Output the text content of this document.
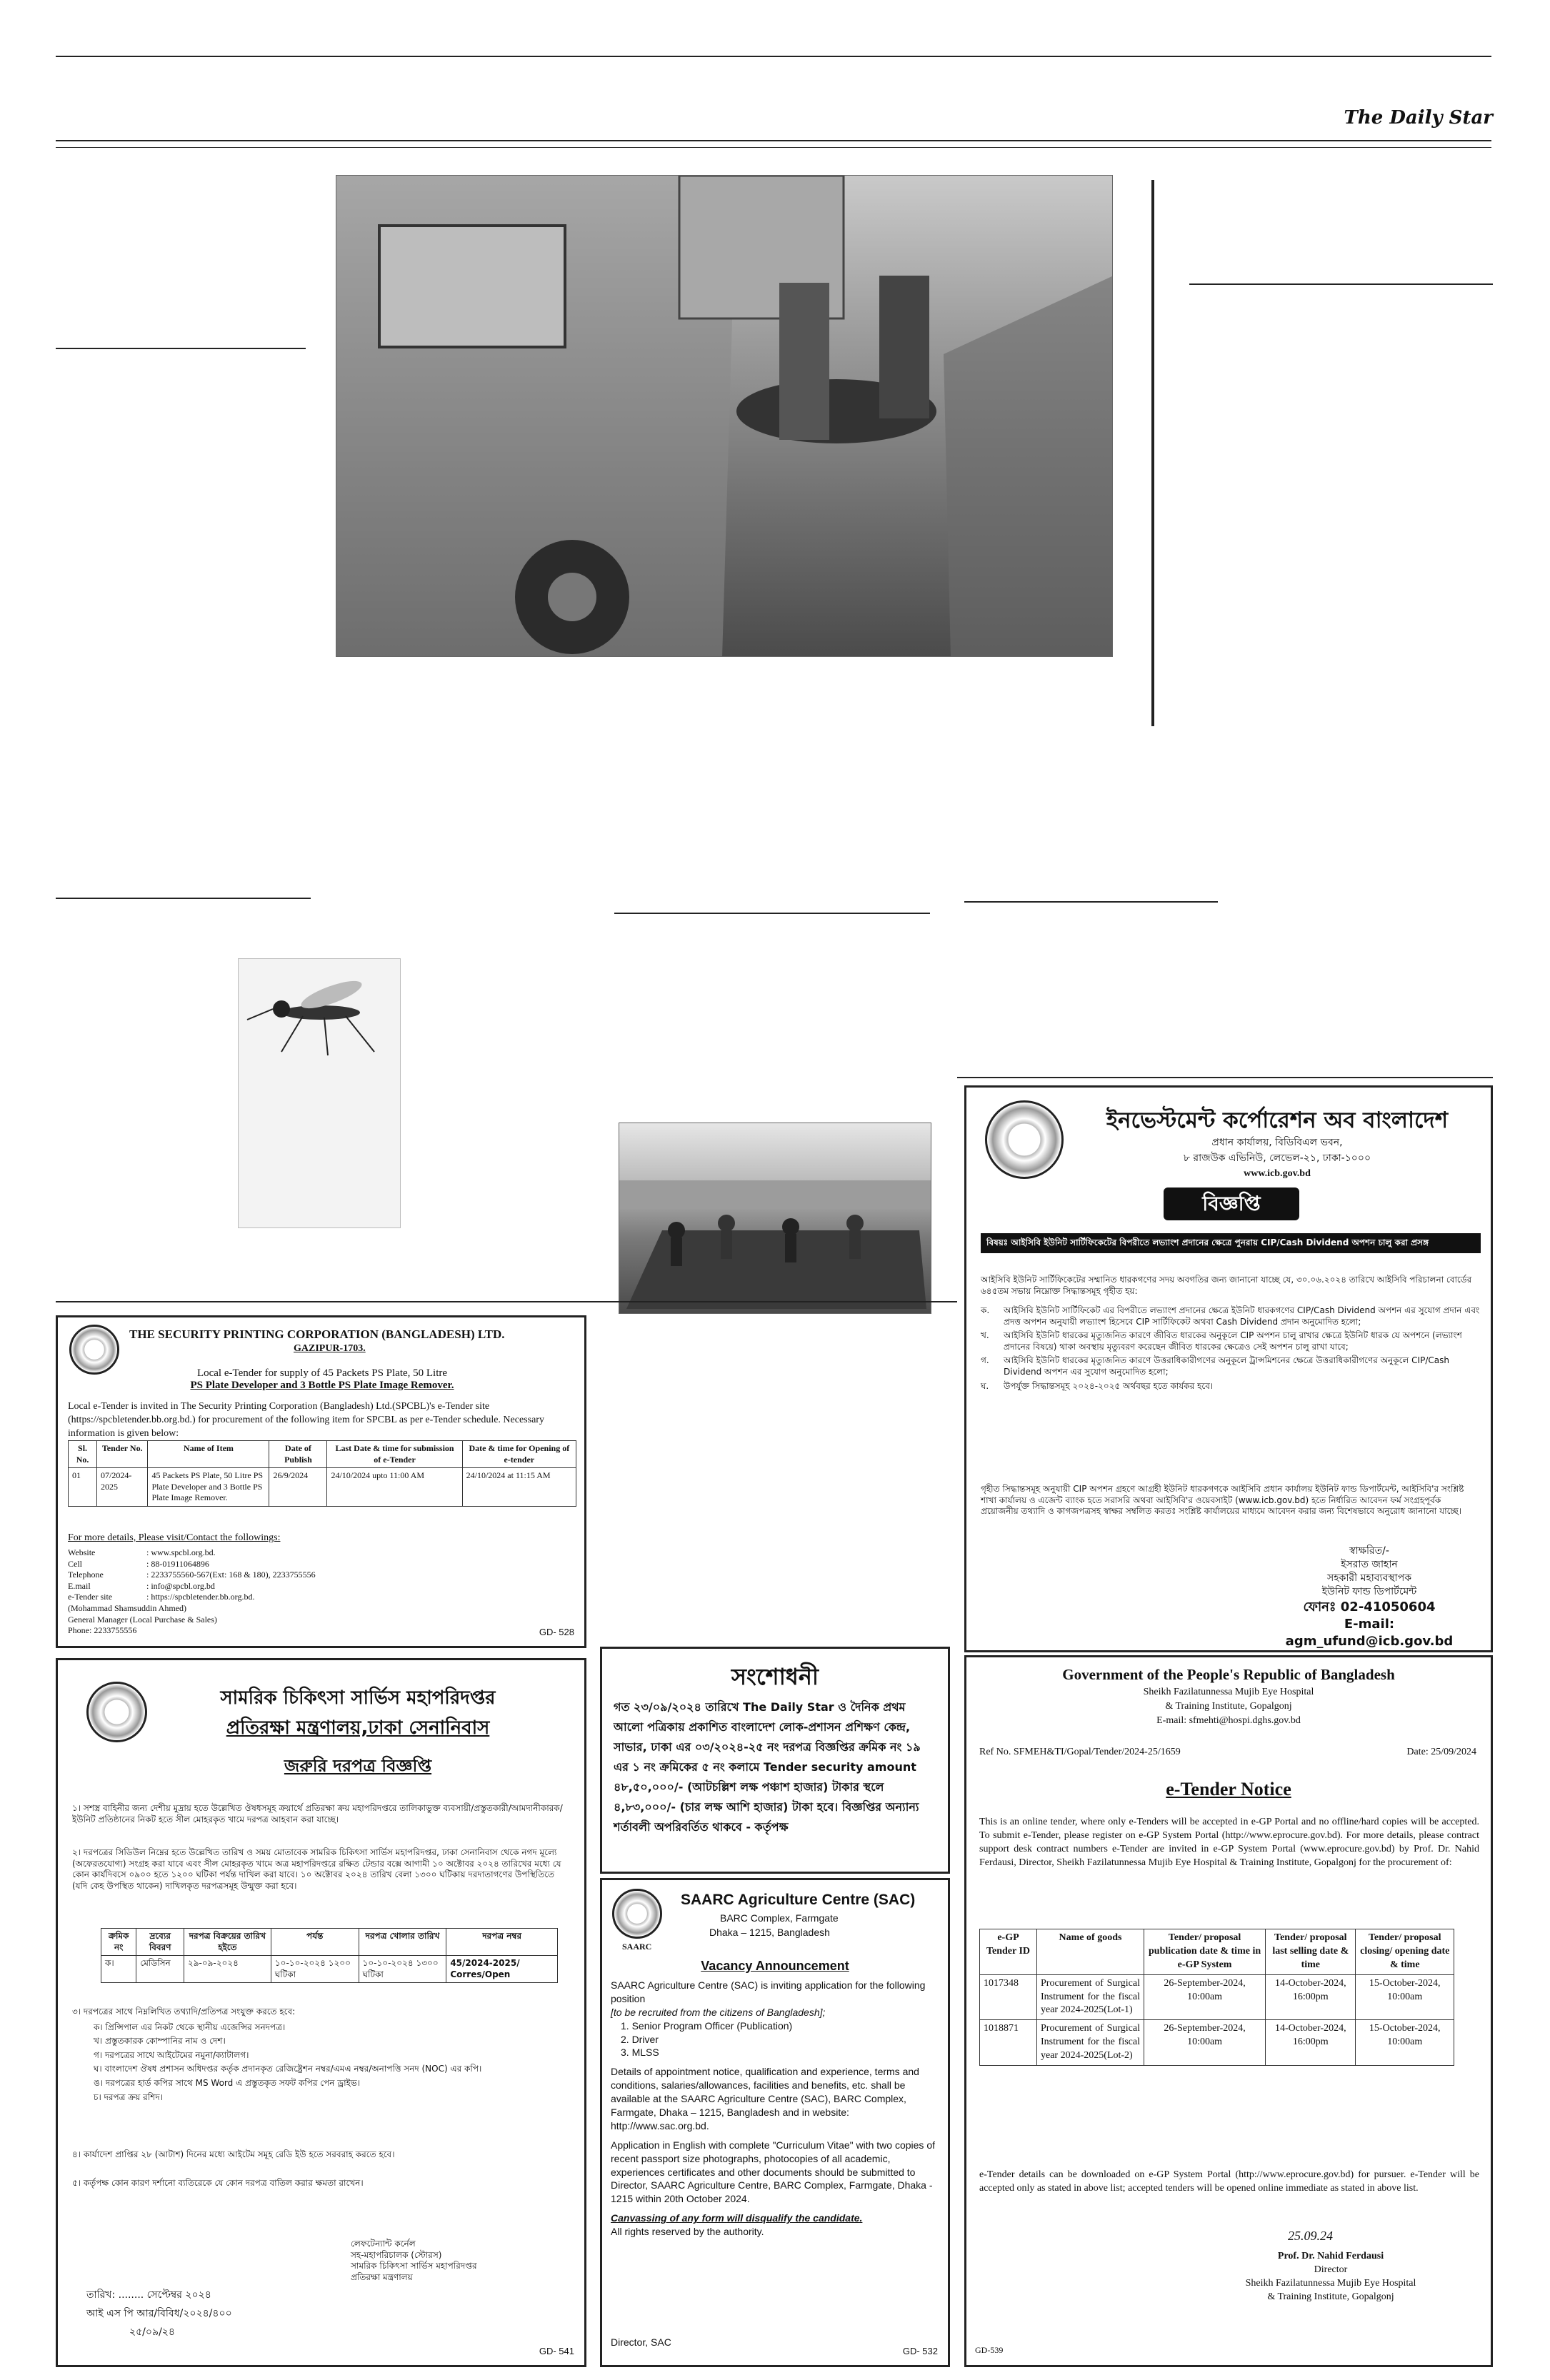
The Daily Star
THE SECURITY PRINTING CORPORATION (BANGLADESH) LTD.
GAZIPUR-1703.
Local e-Tender for supply of 45 Packets PS Plate, 50 Litre
PS Plate Developer and 3 Bottle PS Plate Image Remover.
Local e-Tender is invited in The Security Printing Corporation (Bangladesh) Ltd.(SPCBL)'s e-Tender site (https://spcbletender.bb.org.bd.) for procurement of the following item for SPCBL as per e-Tender schedule. Necessary information is given below:
Sl. No.	Tender No.	Name of Item	Date of Publish	Last Date & time for submission of e-Tender	Date & time for Opening of e-tender
01	07/2024-2025	45 Packets PS Plate, 50 Litre PS Plate Developer and 3 Bottle PS Plate Image Remover.	26/9/2024	24/10/2024 upto 11:00 AM	24/10/2024 at 11:15 AM
For more details, Please visit/Contact the followings:
Website	: www.spcbl.org.bd.
Cell	: 88-01911064896
Telephone	: 2233755560-567(Ext: 168 & 180), 2233755556
E.mail	: info@spcbl.org.bd
e-Tender site	: https://spcbletender.bb.org.bd.
(Mohammad Shamsuddin Ahmed)
General Manager (Local Purchase & Sales)
Phone: 2233755556	GD- 528
ইনভেস্টমেন্ট কর্পোরেশন অব বাংলাদেশ
প্রধান কার্যালয়, বিডিবিএল ভবন,
৮ রাজউক এভিনিউ, লেভেল-২১, ঢাকা-১০০০
www.icb.gov.bd
বিজ্ঞপ্তি
বিষয়ঃ আইসিবি ইউনিট সার্টিফিকেটের বিপরীতে লভ্যাংশ প্রদানের ক্ষেত্রে পুনরায় CIP/Cash Dividend অপশন চালু করা প্রসঙ্গ
আইসিবি ইউনিট সার্টিফিকেটের সম্মানিত ধারকগণের সদয় অবগতির জন্য জানানো যাচ্ছে যে, ৩০.০৬.২০২৪ তারিখে আইসিবি পরিচালনা বোর্ডের ৬৪৫তম সভায় নিম্নোক্ত সিদ্ধান্তসমূহ গৃহীত হয়:
ক.	আইসিবি ইউনিট সার্টিফিকেট এর বিপরীতে লভ্যাংশ প্রদানের ক্ষেত্রে ইউনিট ধারকগণের CIP/Cash Dividend অপশন এর সুযোগ প্রদান এবং প্রদত্ত অপশন অনুযায়ী লভ্যাংশ হিসেবে CIP সার্টিফিকেট অথবা Cash Dividend প্রদান অনুমোদিত হলো;
খ.	আইসিবি ইউনিট ধারকের মৃত্যুজনিত কারণে জীবিত ধারকের অনুকূলে CIP অপশন চালু রাখার ক্ষেত্রে ইউনিট ধারক যে অপশনে (লভ্যাংশ প্রদানের বিষয়ে) থাকা অবস্থায় মৃত্যুবরণ করেছেন জীবিত ধারকের ক্ষেত্রেও সেই অপশন চালু রাখা যাবে;
গ.	আইসিবি ইউনিট ধারকের মৃত্যুজনিত কারণে উত্তরাধিকারীগণের অনুকূলে ট্রান্সমিশনের ক্ষেত্রে উত্তরাধিকারীগণের অনুকূলে CIP/Cash Dividend অপশন এর সুযোগ অনুমোদিত হলো;
ঘ.	উপর্যুক্ত সিদ্ধান্তসমূহ ২০২৪-২০২৫ অর্থবছর হতে কার্যকর হবে।
গৃহীত সিদ্ধান্তসমূহ অনুযায়ী CIP অপশন গ্রহণে আগ্রহী ইউনিট ধারকগণকে আইসিবি প্রধান কার্যালয় ইউনিট ফান্ড ডিপার্টমেন্ট, আইসিবি'র সংশ্লিষ্ট শাখা কার্যালয় ও এজেন্ট ব্যাংক হতে সরাসরি অথবা আইসিবি'র ওয়েবসাইট (www.icb.gov.bd) হতে নির্ধারিত আবেদন ফর্ম সংগ্রহপূর্বক প্রয়োজনীয় তথ্যাদি ও কাগজপত্রসহ স্বাক্ষর সম্বলিত করতঃ সংশ্লিষ্ট কার্যালয়ের মাধ্যমে আবেদন করার জন্য বিশেষভাবে অনুরোধ জানানো যাচ্ছে।
স্বাক্ষরিত/-
ইসরাত জাহান
সহকারী মহাব্যবস্থাপক
ইউনিট ফান্ড ডিপার্টমেন্ট
ফোনঃ 02-41050604
E-mail: agm_ufund@icb.gov.bd
সামরিক চিকিৎসা সার্ভিস মহাপরিদপ্তর
প্রতিরক্ষা মন্ত্রণালয়,ঢাকা সেনানিবাস
জরুরি দরপত্র বিজ্ঞপ্তি
১। সশস্ত্র বাহিনীর জন্য দেশীয় মুদ্রায় হতে উল্লেখিত ঔষধসমূহ ক্রয়ার্থে প্রতিরক্ষা ক্রয় মহাপরিদপ্তরে তালিকাভুক্ত ব্যবসায়ী/প্রস্তুতকারী/আমদানীকারক/ইউনিট প্রতিষ্ঠানের নিকট হতে সীল মোহরকৃত খামে দরপত্র আহবান করা যাচ্ছে।
২। দরপত্রের সিডিউল নিম্নের হতে উল্লেখিত তারিখ ও সময় মোতাবেক সামরিক চিকিৎসা সার্ভিস মহাপরিদপ্তর, ঢাকা সেনানিবাস থেকে নগদ মূল্যে (অফেরতযোগ্য) সংগ্রহ করা যাবে এবং সীল মোহরকৃত খামে অত্র মহাপরিদপ্তরে রক্ষিত টেন্ডার বক্সে আগামী ১০ অক্টোবর ২০২৪ তারিখের মধ্যে যে কোন কার্যদিবসে ০৯০০ হতে ১২০০ ঘটিকা পর্যন্ত দাখিল করা যাবে। ১০ অক্টোবর ২০২৪ তারিখ বেলা ১৩০০ ঘটিকায় দরদাতাগণের উপস্থিতিতে (যদি কেহ উপস্থিত থাকেন) দাখিলকৃত দরপত্রসমূহ উন্মুক্ত করা হবে।
ক্রমিক নং	দ্রব্যের বিবরণ	দরপত্র বিক্রয়ের তারিখ হইতে	পর্যন্ত	দরপত্র খোলার তারিখ	দরপত্র নম্বর
ক।	মেডিসিন	২৯-০৯-২০২৪	১০-১০-২০২৪ ১২০০ ঘটিকা	১০-১০-২০২৪ ১৩০০ ঘটিকা	45/2024-2025/ Corres/Open
৩। দরপত্রের সাথে নিম্নলিখিত তথ্যাদি/প্রতিপত্র সংযুক্ত করতে হবে:
ক। প্রিন্সিপাল এর নিকট থেকে স্থানীয় এজেন্সির সনদপত্র।
খ। প্রস্তুতকারক কোম্পানির নাম ও দেশ।
গ। দরপত্রের সাথে আইটেমের নমুনা/ক্যাটালগ।
ঘ। বাংলাদেশ ঔষধ প্রশাসন অধিদপ্তর কর্তৃক প্রদানকৃত রেজিষ্ট্রেশন নম্বর/এমএ নম্বর/অনাপত্তি সনদ (NOC) এর কপি।
ঙ। দরপত্রের হার্ড কপির সাথে MS Word এ প্রস্তুতকৃত সফট কপির পেন ড্রাইভ।
চ। দরপত্র ক্রয় রশিদ।
৪। কার্যাদেশ প্রাপ্তির ২৮ (আটাশ) দিনের মধ্যে আইটেম সমূহ রেডি ইউ হতে সরবরাহ করতে হবে।
৫। কর্তৃপক্ষ কোন কারণ দর্শানো ব্যতিরেকে যে কোন দরপত্র বাতিল করার ক্ষমতা রাখেন।
লেফটেন্যান্ট কর্নেল
সহ-মহাপরিচালক (স্টোরস)
সামরিক চিকিৎসা সার্ভিস মহাপরিদপ্তর
প্রতিরক্ষা মন্ত্রণালয়
তারিখ: ........ সেপ্টেম্বর ২০২৪
আই এস পি আর/বিবিধ/২০২৪/৪০০
২৫/০৯/২৪
GD- 541
সংশোধনী
গত ২৩/০৯/২০২৪ তারিখে The Daily Star ও দৈনিক প্রথম আলো পত্রিকায় প্রকাশিত বাংলাদেশ লোক-প্রশাসন প্রশিক্ষণ কেন্দ্র, সাভার, ঢাকা এর ০৩/২০২৪-২৫ নং দরপত্র বিজ্ঞপ্তির ক্রমিক নং ১৯ এর ১ নং ক্রমিকের ৫ নং কলামে Tender security amount ৪৮,৫০,০০০/- (আটচল্লিশ লক্ষ পঞ্চাশ হাজার) টাকার স্থলে ৪,৮৩,০০০/- (চার লক্ষ আশি হাজার) টাকা হবে। বিজ্ঞপ্তির অন্যান্য শর্তাবলী অপরিবর্তিত থাকবে - কর্তৃপক্ষ
SAARC
SAARC Agriculture Centre (SAC)
BARC Complex, Farmgate
Dhaka – 1215, Bangladesh
Vacancy Announcement
SAARC Agriculture Centre (SAC) is inviting application for the following position
[to be recruited from the citizens of Bangladesh];
1. Senior Program Officer (Publication)
2. Driver
3. MLSS
Details of appointment notice, qualification and experience, terms and conditions, salaries/allowances, facilities and benefits, etc. shall be available at the SAARC Agriculture Centre (SAC), BARC Complex, Farmgate, Dhaka – 1215, Bangladesh and in website: http://www.sac.org.bd.
Application in English with complete "Curriculum Vitae" with two copies of recent passport size photographs, photocopies of all academic, experiences certificates and other documents should be submitted to Director, SAARC Agriculture Centre, BARC Complex, Farmgate, Dhaka - 1215 within 20th October 2024.
Canvassing of any form will disqualify the candidate.
All rights reserved by the authority.
Director, SAC
GD- 532
Government of the People's Republic of Bangladesh
Sheikh Fazilatunnessa Mujib Eye Hospital
& Training Institute, Gopalgonj
E-mail: sfmehti@hospi.dghs.gov.bd
Ref No. SFMEH&TI/Gopal/Tender/2024-25/1659	Date: 25/09/2024
e-Tender Notice
This is an online tender, where only e-Tenders will be accepted in e-GP Portal and no offline/hard copies will be accepted. To submit e-Tender, please register on e-GP System Portal (http://www.eprocure.gov.bd). For more details, please contract support desk contract numbers e-Tender are invited in e-GP System Portal (www.eprocure.gov.bd) by Prof. Dr. Nahid Ferdausi, Director, Sheikh Fazilatunnessa Mujib Eye Hospital & Training Institute, Gopalgonj for the procurement of:
e-GP Tender ID	Name of goods	Tender/ proposal publication date & time in e-GP System	Tender/ proposal last selling date & time	Tender/ proposal closing/ opening date & time
1017348	Procurement of Surgical Instrument for the fiscal year 2024-2025(Lot-1)	26-September-2024, 10:00am	14-October-2024, 16:00pm	15-October-2024, 10:00am
1018871	Procurement of Surgical Instrument for the fiscal year 2024-2025(Lot-2)	26-September-2024, 10:00am	14-October-2024, 16:00pm	15-October-2024, 10:00am
e-Tender details can be downloaded on e-GP System Portal (http://www.eprocure.gov.bd) for pursuer. e-Tender will be accepted only as stated in above list; accepted tenders will be opened online immediate as stated in above list.
25.09.24
Prof. Dr. Nahid Ferdausi
Director
Sheikh Fazilatunnessa Mujib Eye Hospital
& Training Institute, Gopalgonj
GD-539
